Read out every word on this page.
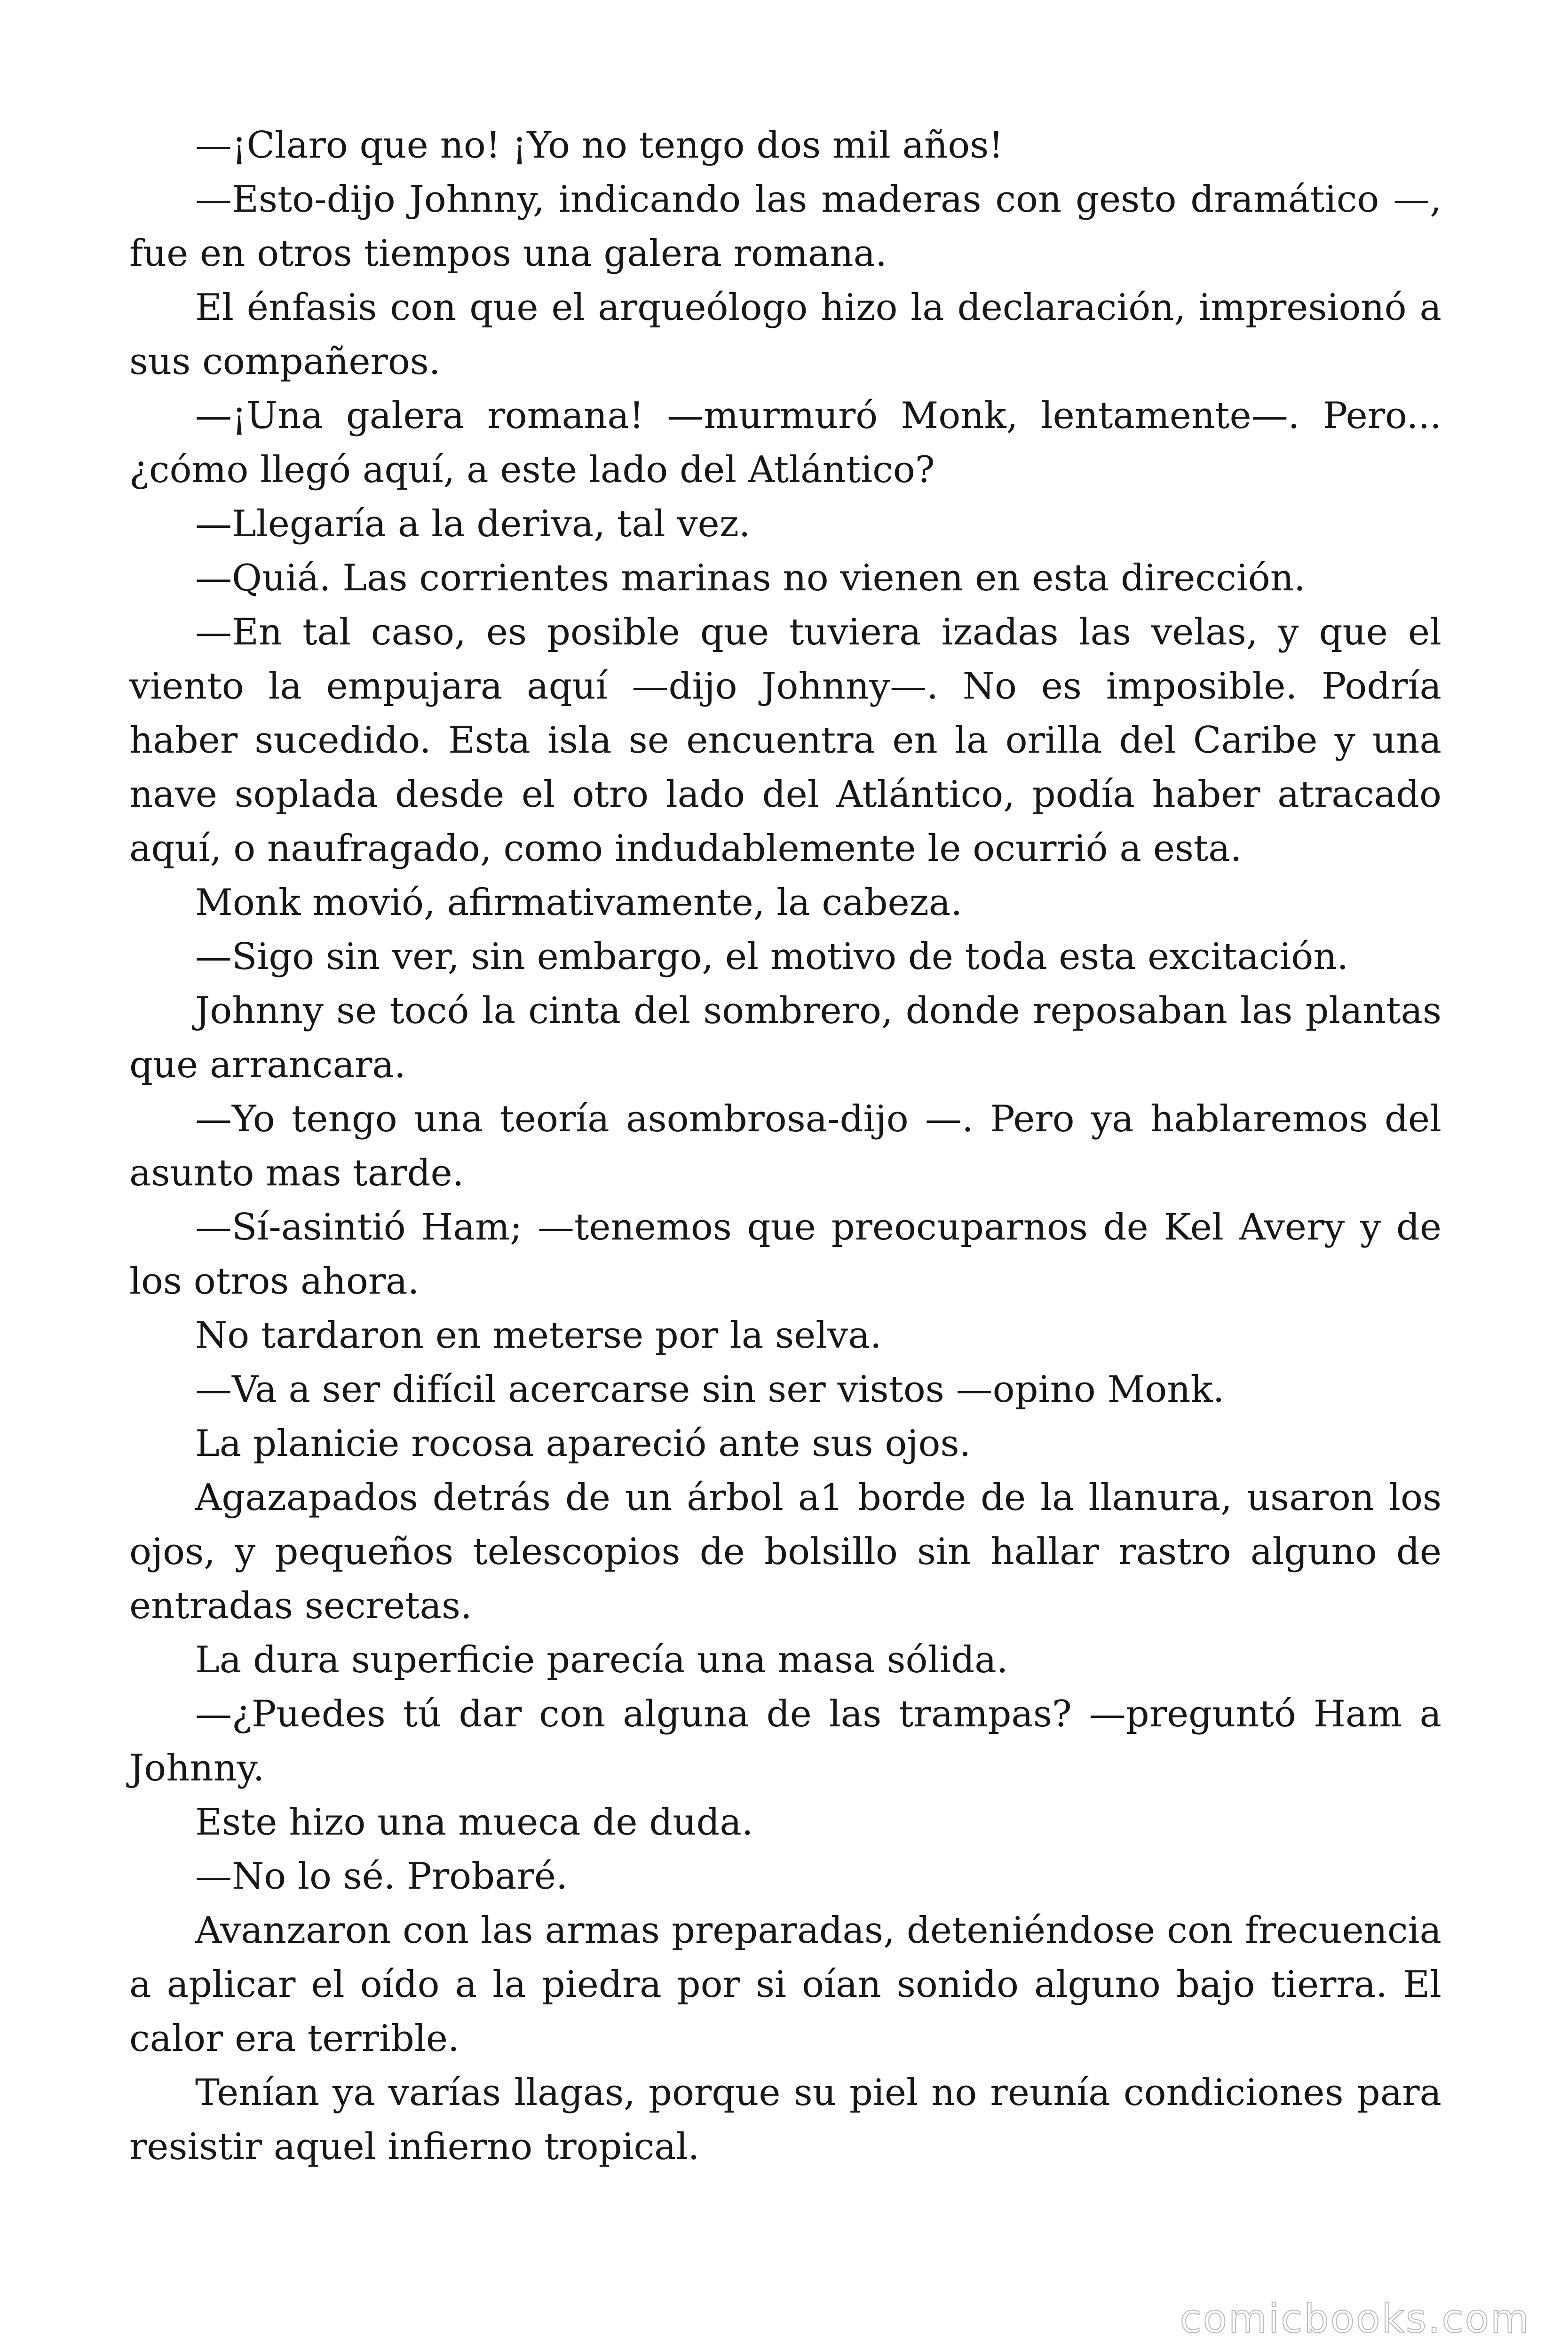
—¡Claro que no! ¡Yo no tengo dos mil años!

—Esto-dijo Johnny, indicando las maderas con gesto dramático —, fue en otros tiempos una galera romana.

El énfasis con que el arqueólogo hizo la declaración, impresionó a sus compañeros.

—¡Una galera romana! —murmuró Monk, lentamente—. Pero... ¿cómo llegó aquí, a este lado del Atlántico?

—Llegaría a la deriva, tal vez.

—Quiá. Las corrientes marinas no vienen en esta dirección.

—En tal caso, es posible que tuviera izadas las velas, y que el viento la empujara aquí —dijo Johnny—. No es imposible. Podría haber sucedido. Esta isla se encuentra en la orilla del Caribe y una nave soplada desde el otro lado del Atlántico, podía haber atracado aquí, o naufragado, como indudablemente le ocurrió a esta.

Monk movió, afirmativamente, la cabeza.

—Sigo sin ver, sin embargo, el motivo de toda esta excitación.

Johnny se tocó la cinta del sombrero, donde reposaban las plantas que arrancara.

—Yo tengo una teoría asombrosa-dijo —. Pero ya hablaremos del asunto mas tarde.

—Sí-asintió Ham; —tenemos que preocuparnos de Kel Avery y de los otros ahora.

No tardaron en meterse por la selva.

—Va a ser difícil acercarse sin ser vistos —opino Monk.

La planicie rocosa apareció ante sus ojos.

Agazapados detrás de un árbol a1 borde de la llanura, usaron los ojos, y pequeños telescopios de bolsillo sin hallar rastro alguno de entradas secretas.

La dura superficie parecía una masa sólida.

—¿Puedes tú dar con alguna de las trampas? —preguntó Ham a Johnny.

Este hizo una mueca de duda.

—No lo sé. Probaré.

Avanzaron con las armas preparadas, deteniéndose con frecuencia a aplicar el oído a la piedra por si oían sonido alguno bajo tierra. El calor era terrible.

Tenían ya varías llagas, porque su piel no reunía condiciones para resistir aquel infierno tropical.

comicbooks.com
